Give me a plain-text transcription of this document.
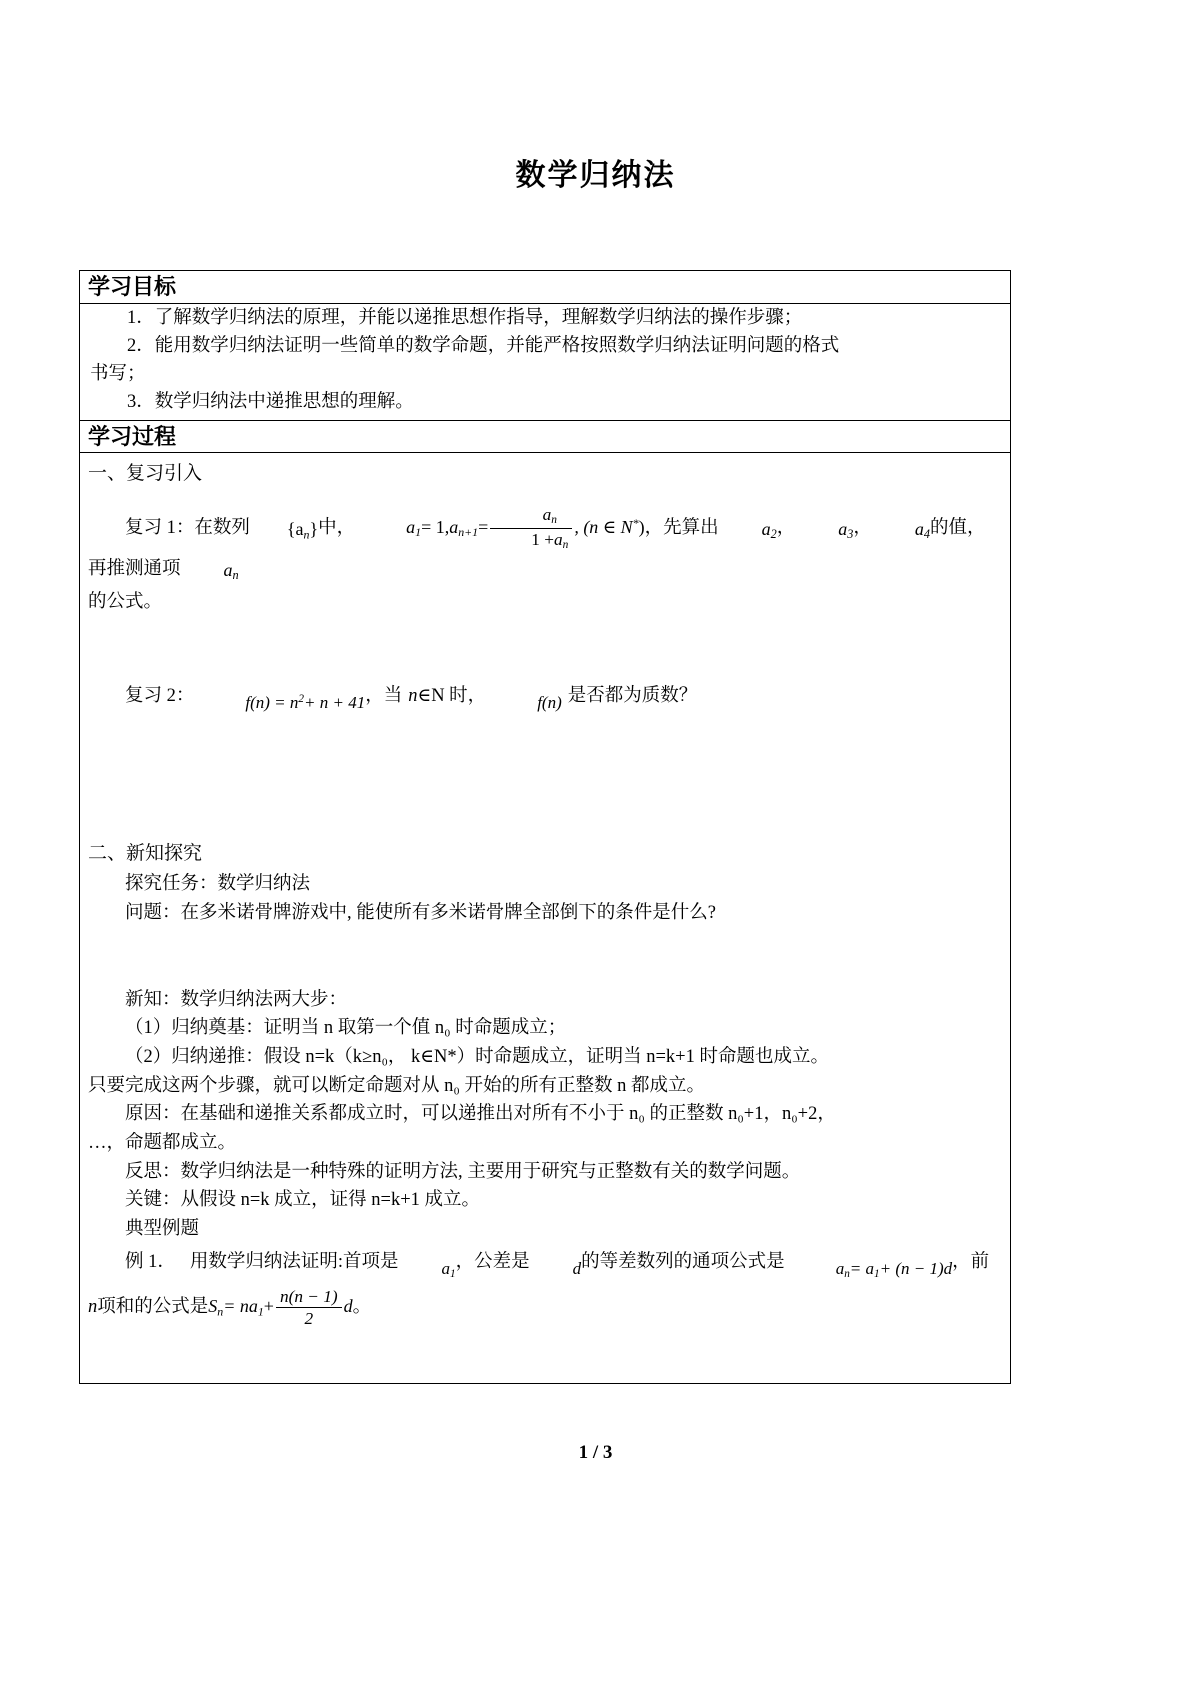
数学归纳法
学习目标
1．了解数学归纳法的原理，并能以递推思想作指导，理解数学归纳法的操作步骤；
2．能用数学归纳法证明一些简单的数学命题，并能严格按照数学归纳法证明问题的格式
书写；
3．数学归纳法中递推思想的理解。
学习过程
一、复习引入
复习 1：在数列 $\{a_n\}$中，	$a_1= 1,a_{n+1}= \frac{a_n}{1 +a_n}$ , (n ∈ N*)，先算出 a2， a3， a4的值，再推测通项 an
的公式。
复习 2：	$f(n) = n^2+ n + 41$，当 n∈N 时，	f(n) 是否都为质数？
二、新知探究
探究任务：数学归纳法
问题：在多米诺骨牌游戏中, 能使所有多米诺骨牌全部倒下的条件是什么?
新知：数学归纳法两大步：
（1）归纳奠基：证明当 n 取第一个值 n₀ 时命题成立；
（2）归纳递推：假设 n=k（k≥n₀， k∈N*）时命题成立，证明当 n=k+1 时命题也成立。
只要完成这两个步骤，就可以断定命题对从 n₀ 开始的所有正整数 n 都成立。
原因：在基础和递推关系都成立时，可以递推出对所有不小于 n₀ 的正整数 n₀+1，n₀+2，
…，命题都成立。
反思：数学归纳法是一种特殊的证明方法, 主要用于研究与正整数有关的数学问题。
关键：从假设 n=k 成立，证得 n=k+1 成立。
典型例题
例 1． 用数学归纳法证明:首项是	$a_1$，公差是	d的等差数列的通项公式是	$a_n= a_1+ (n - 1)d$，前
n项和的公式是$S_n= na_1+ \frac{n(n - 1)}{2}$ d。
1 / 3
